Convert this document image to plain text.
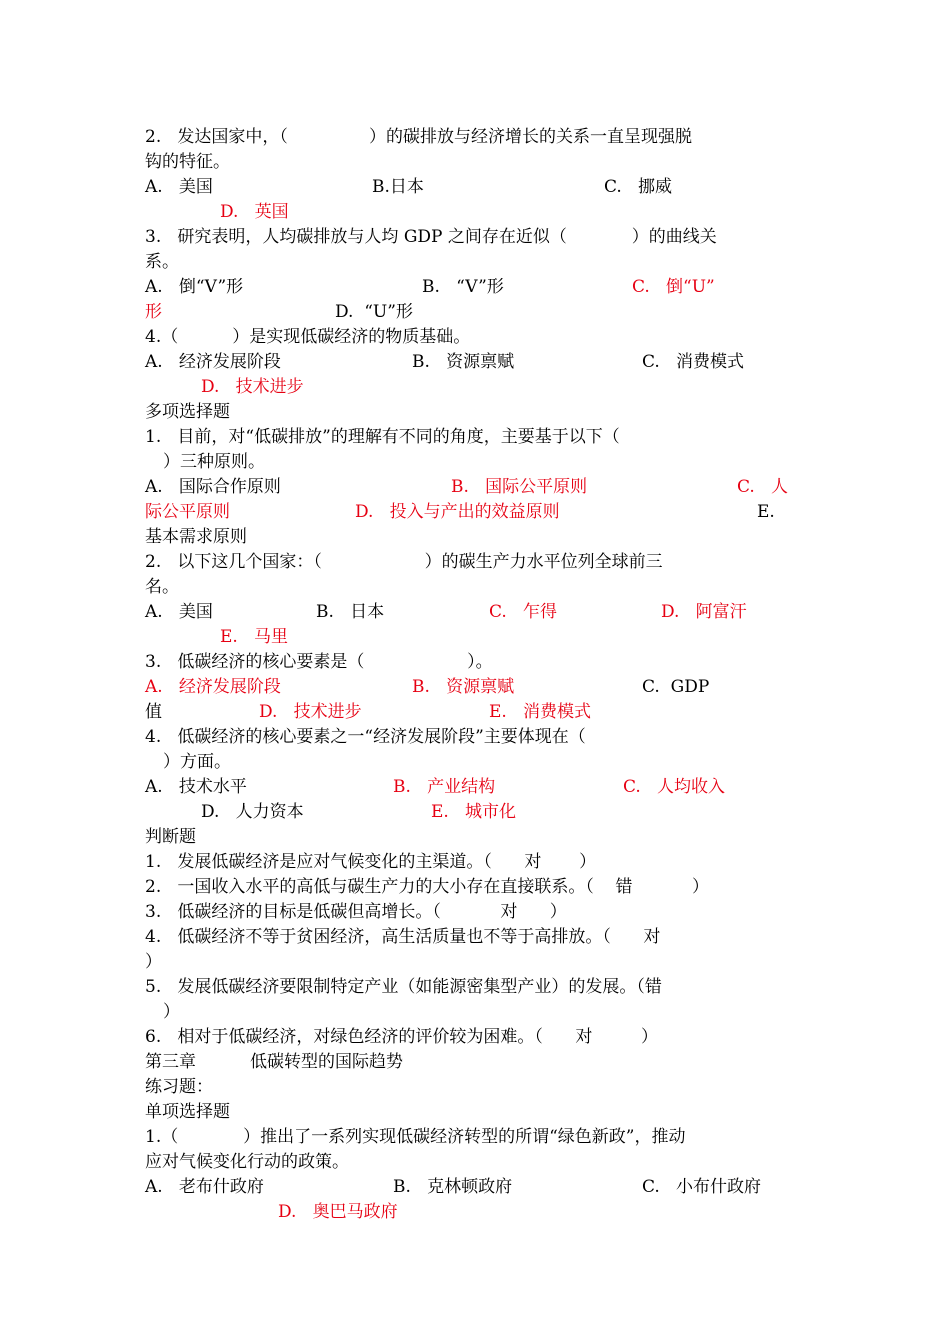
2.   发达国家中，（               ）的碳排放与经济增长的关系一直呈现强脱
钩的特征。
A.   美国	B.日本	C.   挪威
D.   英国
3.   研究表明，人均碳排放与人均 GDP 之间存在近似（            ）的曲线关
系。
A.   倒“V”形	B.   “V”形	C.   倒“U”
形	D.  “U”形
4.（          ）是实现低碳经济的物质基础。
A.   经济发展阶段	B.   资源禀赋	C.   消费模式
D.   技术进步
多项选择题
1.   目前，对“低碳排放”的理解有不同的角度，主要基于以下（
）三种原则。
A.   国际合作原则	B.   国际公平原则	C.   人
际公平原则	D.   投入与产出的效益原则	E.
基本需求原则
2.   以下这几个国家：（                   ）的碳生产力水平位列全球前三
名。
A.   美国	B.   日本	C.   乍得	D.   阿富汗
E.   马里
3.   低碳经济的核心要素是（                   ）。
A.   经济发展阶段	B.   资源禀赋	C.  GDP
值	D.   技术进步	E.   消费模式
4.   低碳经济的核心要素之一“经济发展阶段”主要体现在（
）方面。
A.   技术水平	B.   产业结构	C.   人均收入
D.   人力资本	E.   城市化
判断题
1.   发展低碳经济是应对气候变化的主渠道。（      对       ）
2.   一国收入水平的高低与碳生产力的大小存在直接联系。（    错           ）
3.   低碳经济的目标是低碳但高增长。（           对      ）
4.   低碳经济不等于贫困经济，高生活质量也不等于高排放。（      对
）
5.   发展低碳经济要限制特定产业（如能源密集型产业）的发展。（错
）
6.   相对于低碳经济，对绿色经济的评价较为困难。（      对         ）
第三章          低碳转型的国际趋势
练习题：
单项选择题
1.（            ）推出了一系列实现低碳经济转型的所谓“绿色新政”，推动
应对气候变化行动的政策。
A.   老布什政府	B.   克林顿政府	C.   小布什政府
D.   奥巴马政府
